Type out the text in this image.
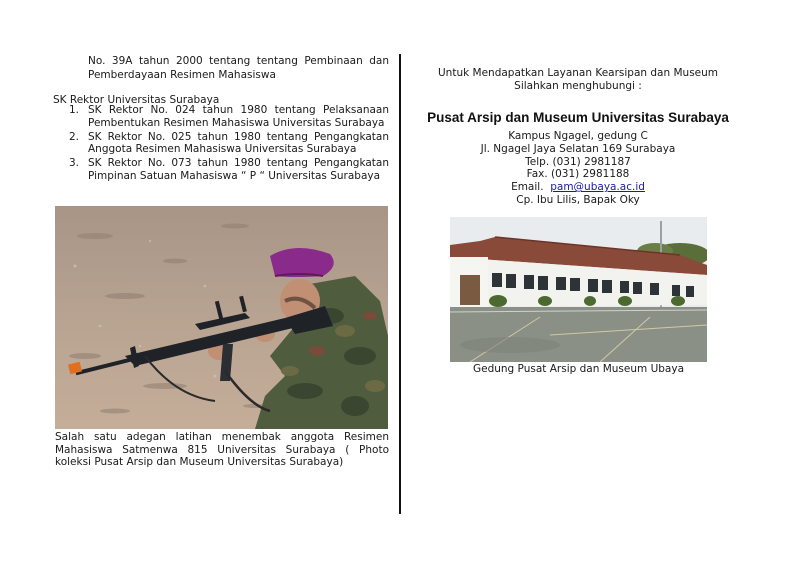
No. 39A tahun 2000 tentang tentang Pembinaan dan Pemberdayaan Resimen Mahasiswa
SK Rektor Universitas Surabaya
1. SK Rektor No. 024 tahun 1980 tentang Pelaksanaan Pembentukan Resimen Mahasiswa Universitas Surabaya
2. SK Rektor No. 025 tahun 1980 tentang Pengangkatan Anggota Resimen Mahasiswa Universitas Surabaya
3. SK Rektor No. 073 tahun 1980 tentang Pengangkatan Pimpinan Satuan Mahasiswa “ P “ Universitas Surabaya
Salah satu adegan latihan menembak anggota Resimen Mahasiswa Satmenwa 815 Universitas Surabaya ( Photo koleksi Pusat Arsip dan Museum Universitas Surabaya)
Untuk Mendapatkan Layanan Kearsipan dan Museum
Silahkan menghubungi :
Pusat Arsip dan Museum Universitas Surabaya
Kampus Ngagel, gedung C
Jl. Ngagel Jaya Selatan 169 Surabaya
Telp. (031) 2981187
Fax. (031) 2981188
Email. pam@ubaya.ac.id
Cp. Ibu Lilis, Bapak Oky
Gedung Pusat Arsip dan Museum Ubaya
